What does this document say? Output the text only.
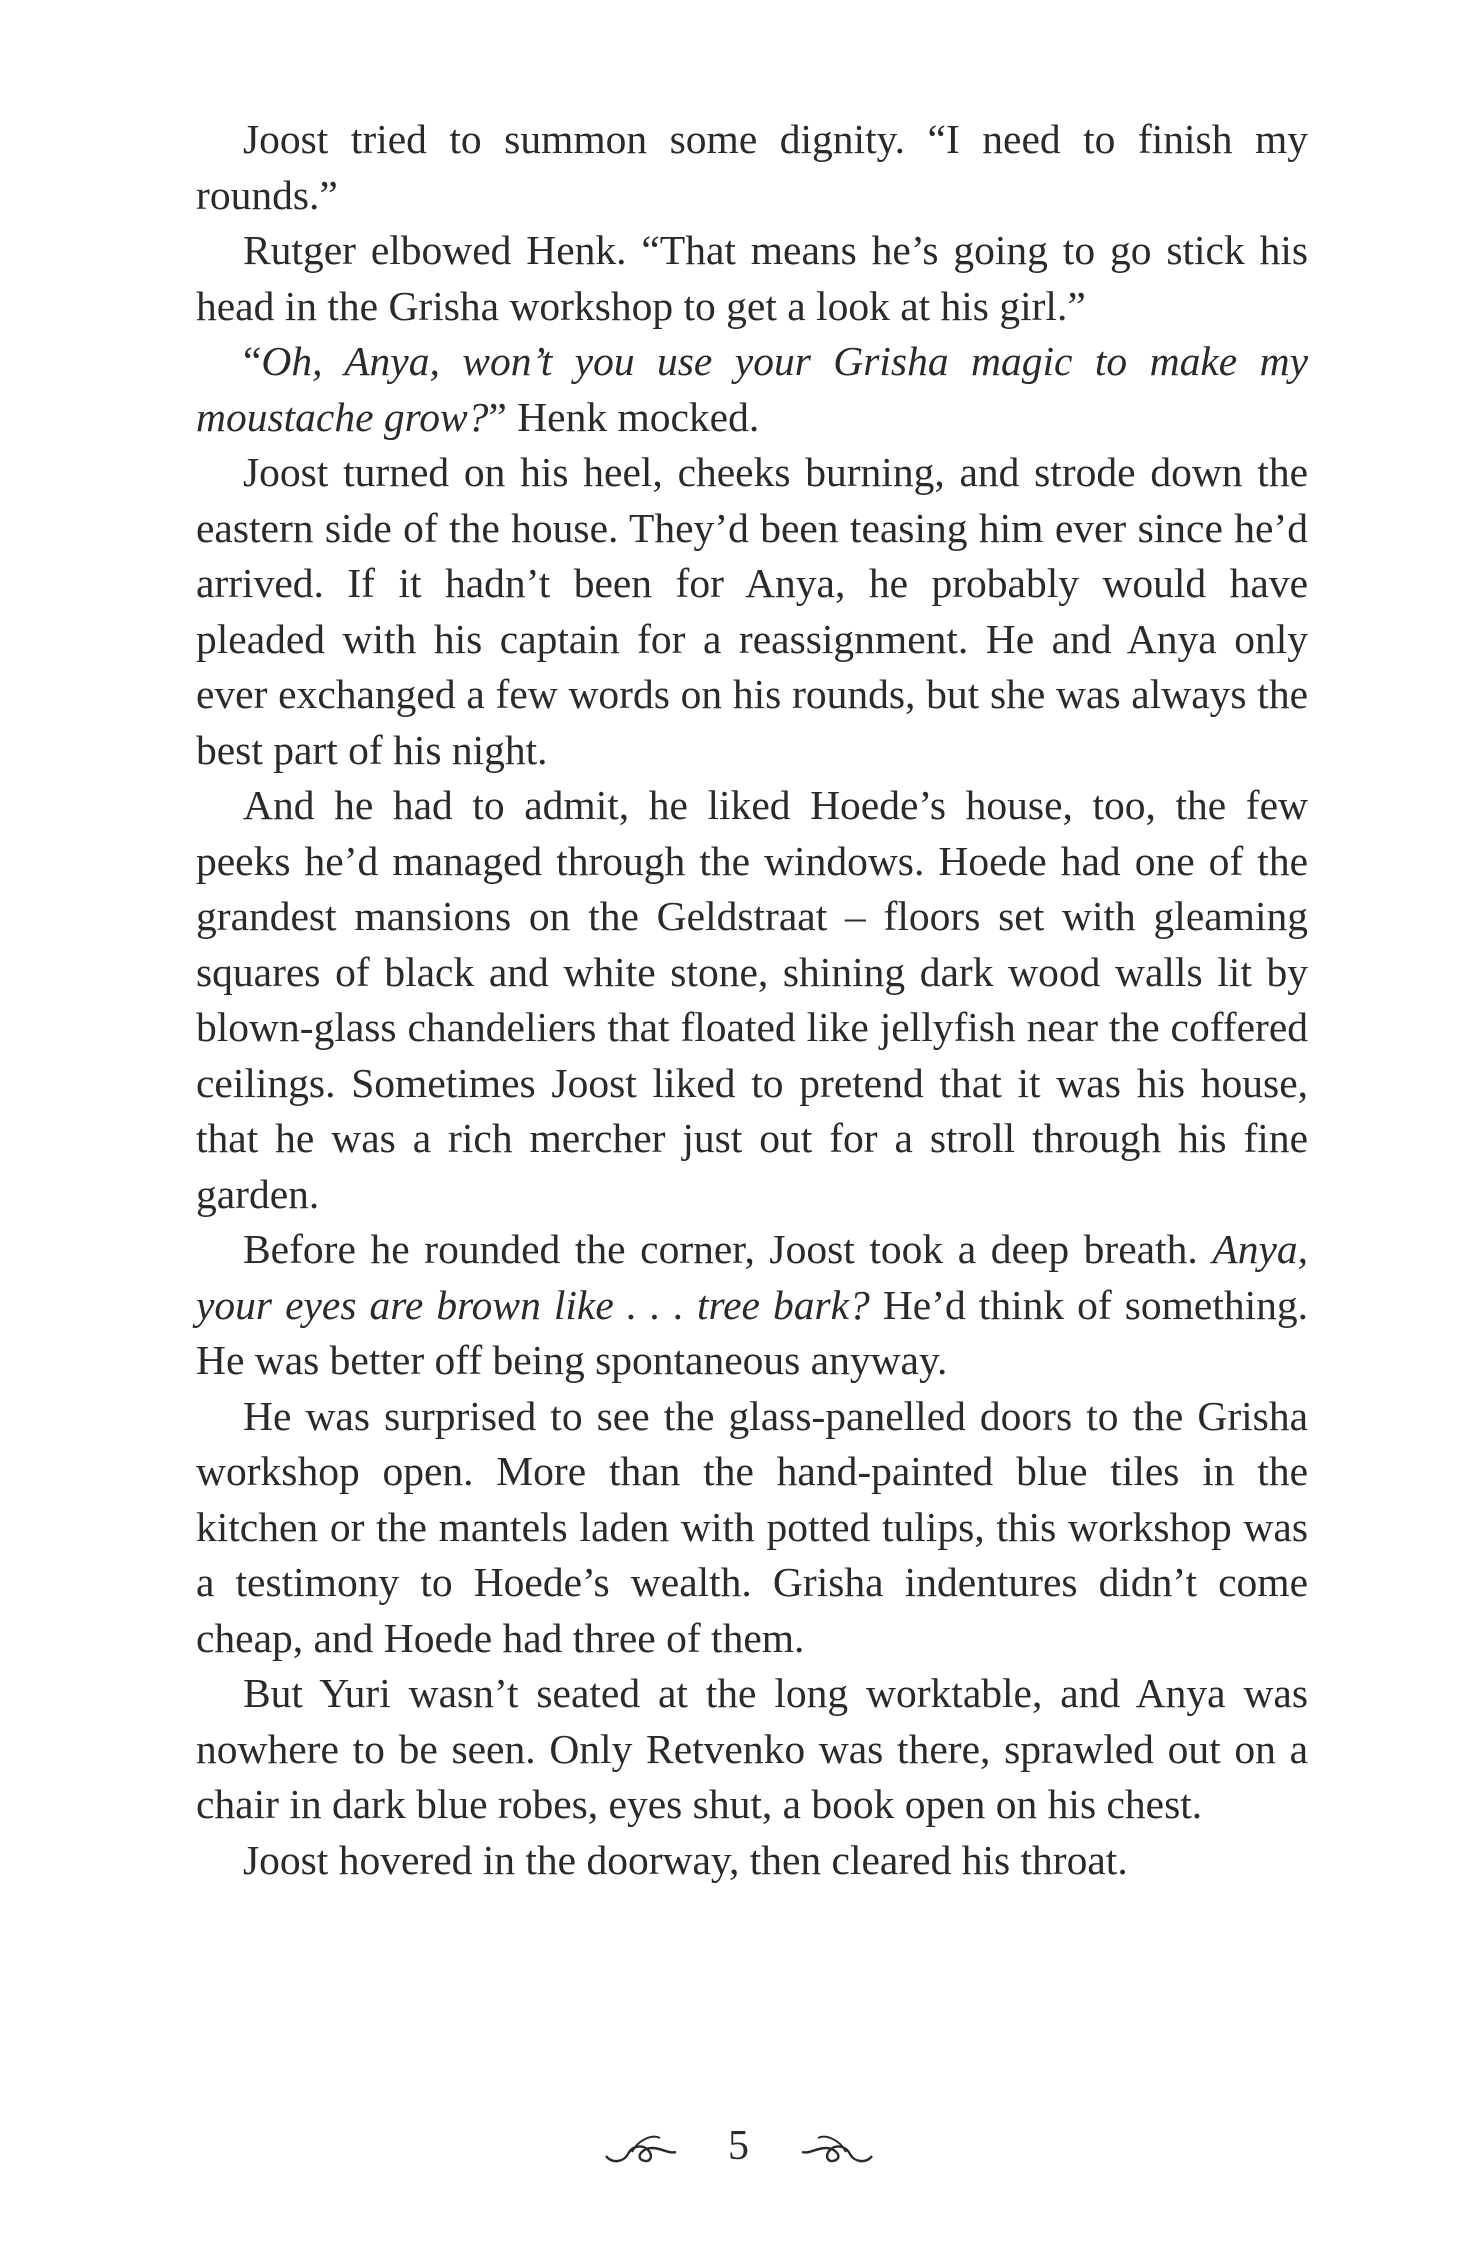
Joost tried to summon some dignity. “I need to finish my rounds.”

Rutger elbowed Henk. “That means he’s going to go stick his head in the Grisha workshop to get a look at his girl.”

“Oh, Anya, won’t you use your Grisha magic to make my moustache grow?” Henk mocked.

Joost turned on his heel, cheeks burning, and strode down the eastern side of the house. They’d been teasing him ever since he’d arrived. If it hadn’t been for Anya, he probably would have pleaded with his captain for a reassignment. He and Anya only ever exchanged a few words on his rounds, but she was always the best part of his night.

And he had to admit, he liked Hoede’s house, too, the few peeks he’d managed through the windows. Hoede had one of the grandest mansions on the Geldstraat – floors set with gleaming squares of black and white stone, shining dark wood walls lit by blown-glass chandeliers that floated like jellyfish near the coffered ceilings. Sometimes Joost liked to pretend that it was his house, that he was a rich mercher just out for a stroll through his fine garden.

Before he rounded the corner, Joost took a deep breath. Anya, your eyes are brown like . . . tree bark? He’d think of something. He was better off being spontaneous anyway.

He was surprised to see the glass-panelled doors to the Grisha workshop open. More than the hand-painted blue tiles in the kitchen or the mantels laden with potted tulips, this workshop was a testimony to Hoede’s wealth. Grisha indentures didn’t come cheap, and Hoede had three of them.

But Yuri wasn’t seated at the long worktable, and Anya was nowhere to be seen. Only Retvenko was there, sprawled out on a chair in dark blue robes, eyes shut, a book open on his chest.

Joost hovered in the doorway, then cleared his throat.

5
